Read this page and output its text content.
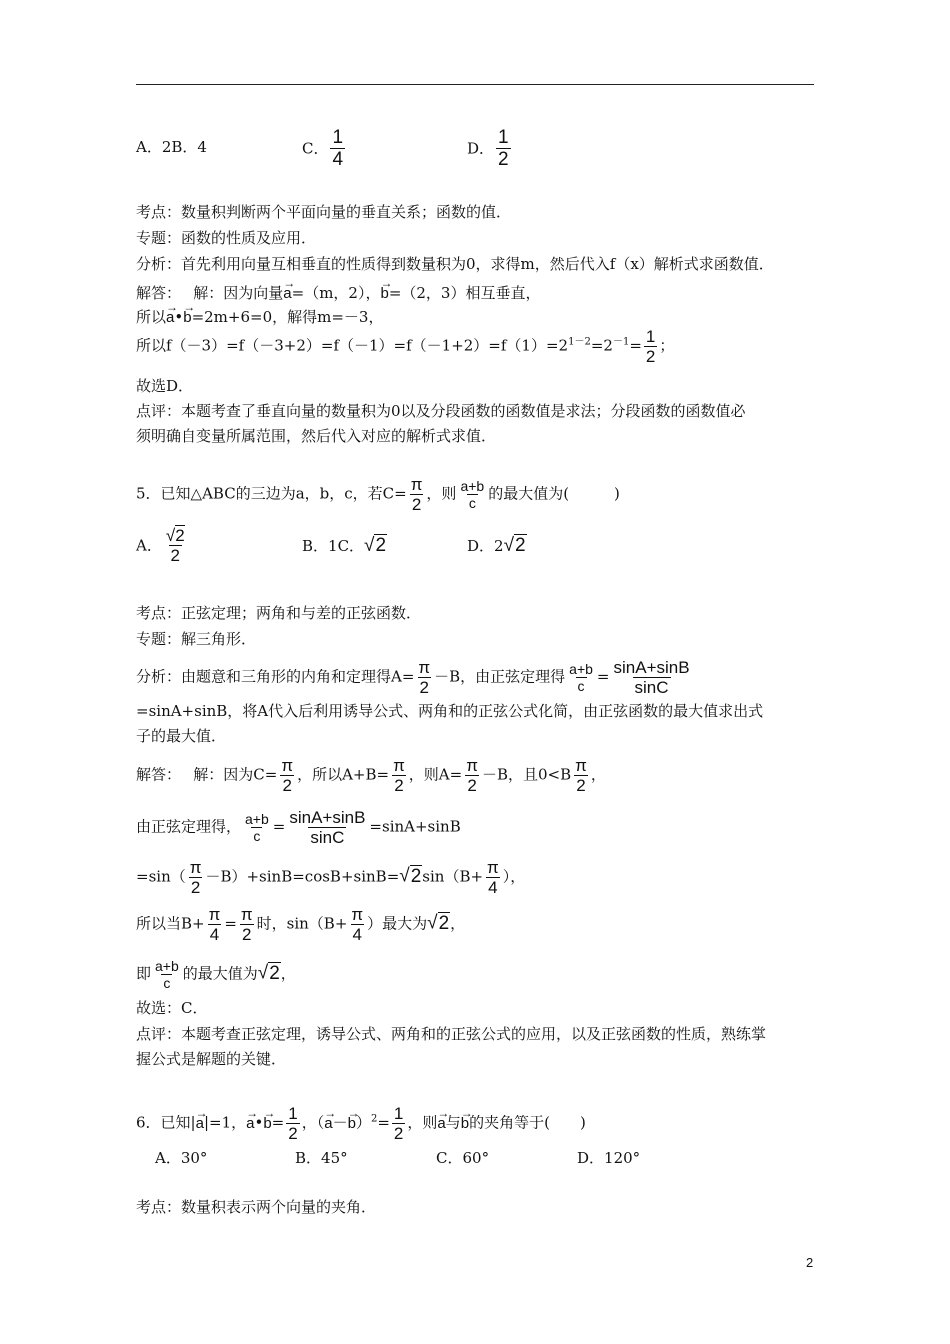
A．2B．4	C． $\frac{1}{4}$	D． $\frac{1}{2}$
考点：数量积判断两个平面向量的垂直关系；函数的值．
专题：函数的性质及应用．
分析：首先利用向量互相垂直的性质得到数量积为0，求得m，然后代入f（x）解析式求函数值．
解答：　 解：因为向量→ a=（m，2），→ b=（2，3）相互垂直，
所以→ a•→ b=2m+6=0，解得m=－3，
所以$f(-3)=f(-3+2)=f(-1)=f(-1+2)=f(1)=2^{1-2}=2^{-1}= \frac{1}{2}$ ；
故选D．
点评：本题考查了垂直向量的数量积为0以及分段函数的函数值是求法；分段函数的函数值必
须明确自变量所属范围，然后代入对应的解析式求值．
5．已知△ABC的三边为a，b，c，若$C= \frac{\pi}{2}$ ，则 $\frac{a+b}{c}$ 的最大值为(　　　)
A． $\frac{√2}{2}$	B．1C．√2	D．2√2
考点：正弦定理；两角和与差的正弦函数．
专题：解三角形．
分析：由题意和三角形的内角和定理得$A= \frac{\pi}{2} -B$，由正弦定理得 $\frac{a+b}{c} = \frac{\sin A+\sin B}{\sin C}$
=sinA+sinB，将A代入后利用诱导公式、两角和的正弦公式化简，由正弦函数的最大值求出式
子的最大值．
解答：　 解：因为$C= \frac{\pi}{2}$ ，所以$A+B= \frac{\pi}{2}$ ，则$A= \frac{\pi}{2} -B$，且$0<B \frac{\pi}{2}$ ，
由正弦定理得， $\frac{a+b}{c} = \frac{\sin A+\sin B}{\sin C} =\sin A+\sin B$
$=\sin( \frac{\pi}{2} -B)+\sin B=\cos B+\sin B=√2\sin(B+ \frac{\pi}{4}$ ），
所以当$B+ \frac{\pi}{4} = \frac{\pi}{2}$ 时，$\sin(B+ \frac{\pi}{4}$ ）最大为√2，
即 $\frac{a+b}{c}$ 的最大值为√2，
故选：C．
点评：本题考查正弦定理，诱导公式、两角和的正弦公式的应用，以及正弦函数的性质，熟练掌
握公式是解题的关键．
6．已知|→ a|=1，→ a•→ $b= \frac{1}{2}$ ，（→ $a-\to b)^2= \frac{1}{2}$ ，则→ a与→ b的夹角等于(　　)
A．30°	B．45°	C．60°	D．120°
考点：数量积表示两个向量的夹角．
2
